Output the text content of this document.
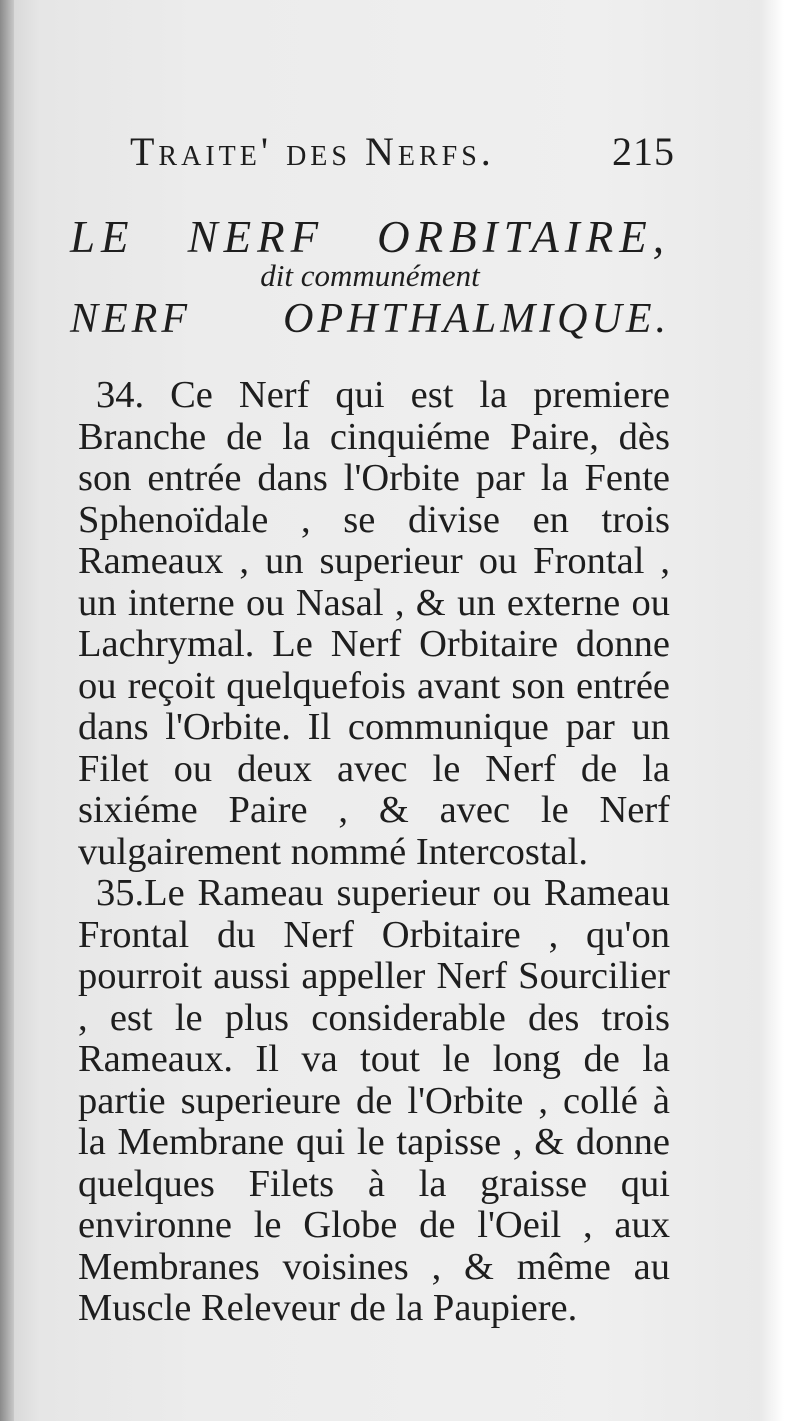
Traite' des Nerfs.	215
LE NERF ORBITAIRE,
dit communément
NERF OPHTHALMIQUE.

34. Ce Nerf qui est la premiere Branche de la cinquiéme Paire, dès son entrée dans l'Orbite par la Fente Sphenoïdale , se divise en trois Rameaux , un superieur ou Frontal , un interne ou Nasal , & un externe ou Lachrymal. Le Nerf Orbitaire donne ou reçoit quelquefois avant son entrée dans l'Orbite. Il communique par un Filet ou deux avec le Nerf de la sixiéme Paire , & avec le Nerf vulgairement nommé Intercostal.

35.Le Rameau superieur ou Rameau Frontal du Nerf Orbitaire , qu'on pourroit aussi appeller Nerf Sourcilier , est le plus considerable des trois Rameaux. Il va tout le long de la partie superieure de l'Orbite , collé à la Membrane qui le tapisse , & donne quelques Filets à la graisse qui environne le Globe de l'Oeil , aux Membranes voisines , & même au Muscle Releveur de la Paupiere.
